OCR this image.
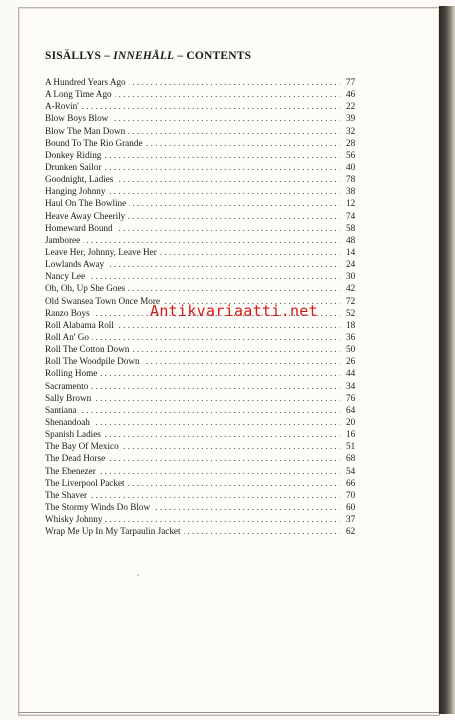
SISÄLLYS – INNEHÅLL – CONTENTS
. . .
A Hundred Years Ago	77
. . .
A Long Time Ago	46
. . .
A-Rovin'	22
. . .
Blow Boys Blow	39
. . .
Blow The Man Down	32
. . .
Bound To The Rio Grande	28
. . .
Donkey Riding	56
. . .
Drunken Sailor	40
. . .
Goodnight, Ladies	78
. . .
Hanging Johnny	38
. . .
Haul On The Bowline	12
. . .
Heave Away Cheerily	74
. . .
Homeward Bound	58
. . .
Jamboree	48
. . .
Leave Her, Johnny, Leave Her	14
. . .
Lowlands Away	24
. . .
Nancy Lee	30
. . .
Oh, Oh, Up She Goes	42
. . .
Old Swansea Town Once More	72
. . .
Ranzo Boys	52
. . .
Roll Alabama Roll	18
. . .
Roll An' Go	36
. . .
Roll The Cotton Down	50
. . .
Roll The Woodpile Down	26
. . .
Rolling Home	44
. . .
Sacramento	34
. . .
Sally Brown	76
. . .
Santiana	64
. . .
Shenandoah	20
. . .
Spanish Ladies	16
. . .
The Bay Of Mexico	51
. . .
The Dead Horse	68
. . .
The Ebenezer	54
. . .
The Liverpool Packet	66
. . .
The Shaver	70
. . .
The Stormy Winds Do Blow	60
. . .
Whisky Johnny	37
. . .
Wrap Me Up In My Tarpaulin Jacket	62
Antikvariaatti.net
